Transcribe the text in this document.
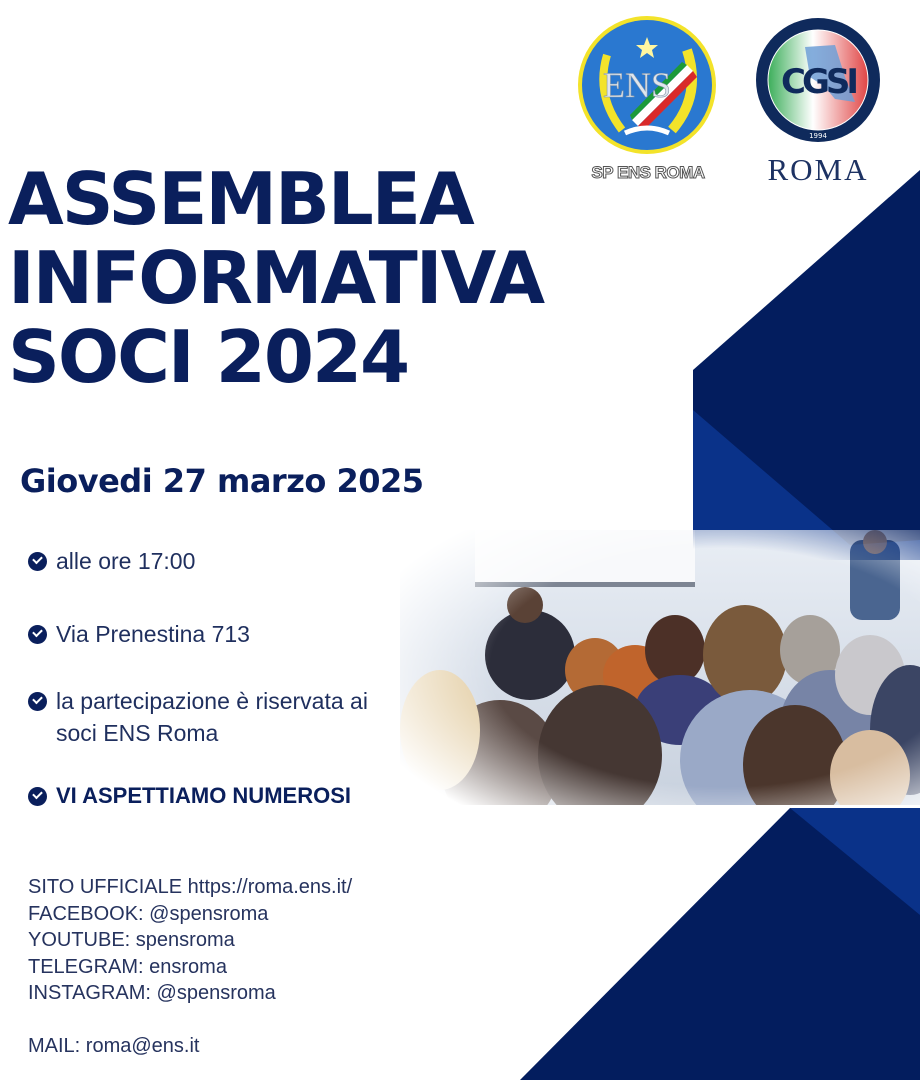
ENS
SP ENS ROMA
CGSI
1994
ROMA
ASSEMBLEA
INFORMATIVA
SOCI 2024
Giovedi 27 marzo 2025
alle ore 17:00
Via Prenestina 713
la partecipazione è riservata ai
soci ENS Roma
VI ASPETTIAMO NUMEROSI
SITO UFFICIALE https://roma.ens.it/
FACEBOOK: @spensroma
YOUTUBE: spensroma
TELEGRAM: ensroma
INSTAGRAM: @spensroma
MAIL: roma@ens.it
